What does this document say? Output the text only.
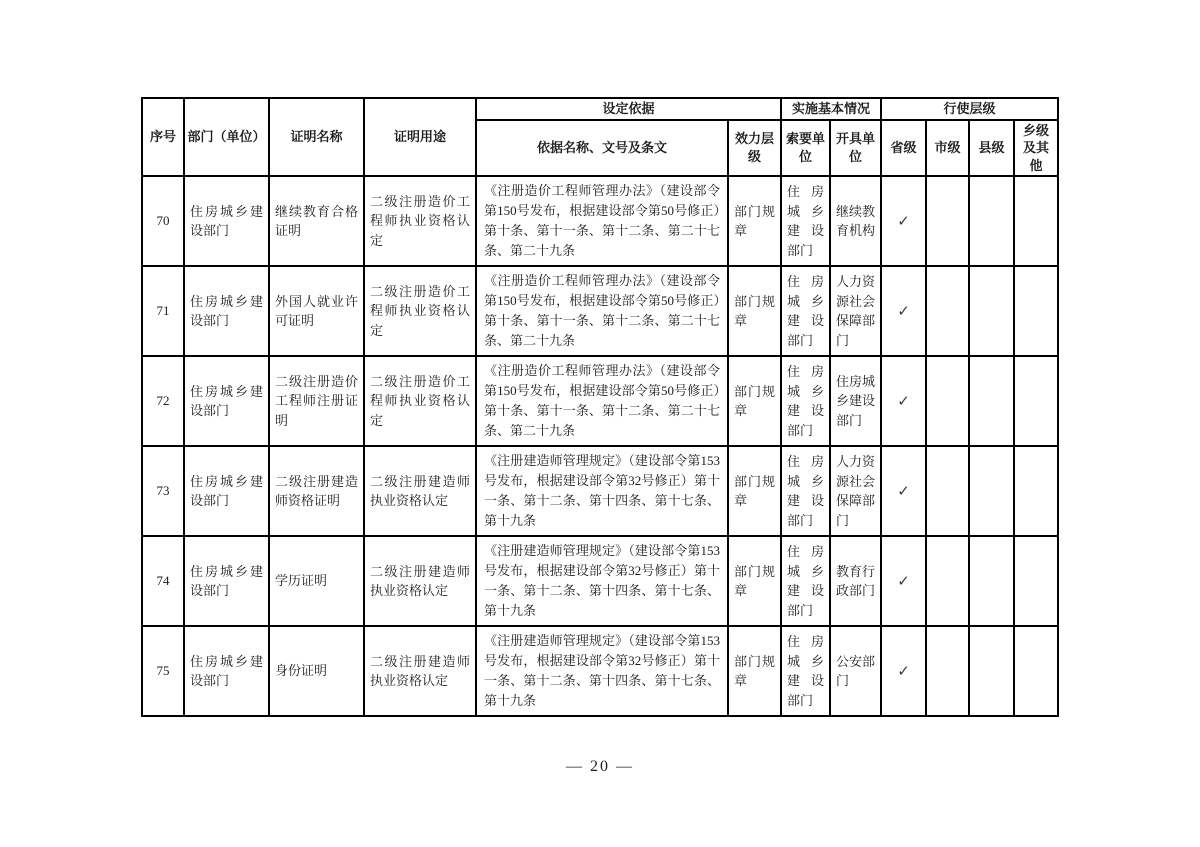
序号	部门（单位）	证明名称	证明用途	设定依据		实施基本情况		行使层级			
				依据名称、文号及条文	效力层级	索要单位	开具单位	省级	市级	县级	乡级及其他
70	住房城乡建设部门	继续教育合格证明	二级注册造价工程师执业资格认定	《注册造价工程师管理办法》（建设部令第150号发布，根据建设部令第50号修正）第十条、第十一条、第十二条、第二十七条、第二十九条	部门规章	住房城乡建设部门	继续教育机构	✓			
71	住房城乡建设部门	外国人就业许可证明	二级注册造价工程师执业资格认定	《注册造价工程师管理办法》（建设部令第150号发布，根据建设部令第50号修正）第十条、第十一条、第十二条、第二十七条、第二十九条	部门规章	住房城乡建设部门	人力资源社会保障部门	✓			
72	住房城乡建设部门	二级注册造价工程师注册证明	二级注册造价工程师执业资格认定	《注册造价工程师管理办法》（建设部令第150号发布，根据建设部令第50号修正）第十条、第十一条、第十二条、第二十七条、第二十九条	部门规章	住房城乡建设部门	住房城乡建设部门	✓			
73	住房城乡建设部门	二级注册建造师资格证明	二级注册建造师执业资格认定	《注册建造师管理规定》（建设部令第153号发布，根据建设部令第32号修正）第十一条、第十二条、第十四条、第十七条、第十九条	部门规章	住房城乡建设部门	人力资源社会保障部门	✓			
74	住房城乡建设部门	学历证明	二级注册建造师执业资格认定	《注册建造师管理规定》（建设部令第153号发布，根据建设部令第32号修正）第十一条、第十二条、第十四条、第十七条、第十九条	部门规章	住房城乡建设部门	教育行政部门	✓			
75	住房城乡建设部门	身份证明	二级注册建造师执业资格认定	《注册建造师管理规定》（建设部令第153号发布，根据建设部令第32号修正）第十一条、第十二条、第十四条、第十七条、第十九条	部门规章	住房城乡建设部门	公安部门	✓			
— 20 —
